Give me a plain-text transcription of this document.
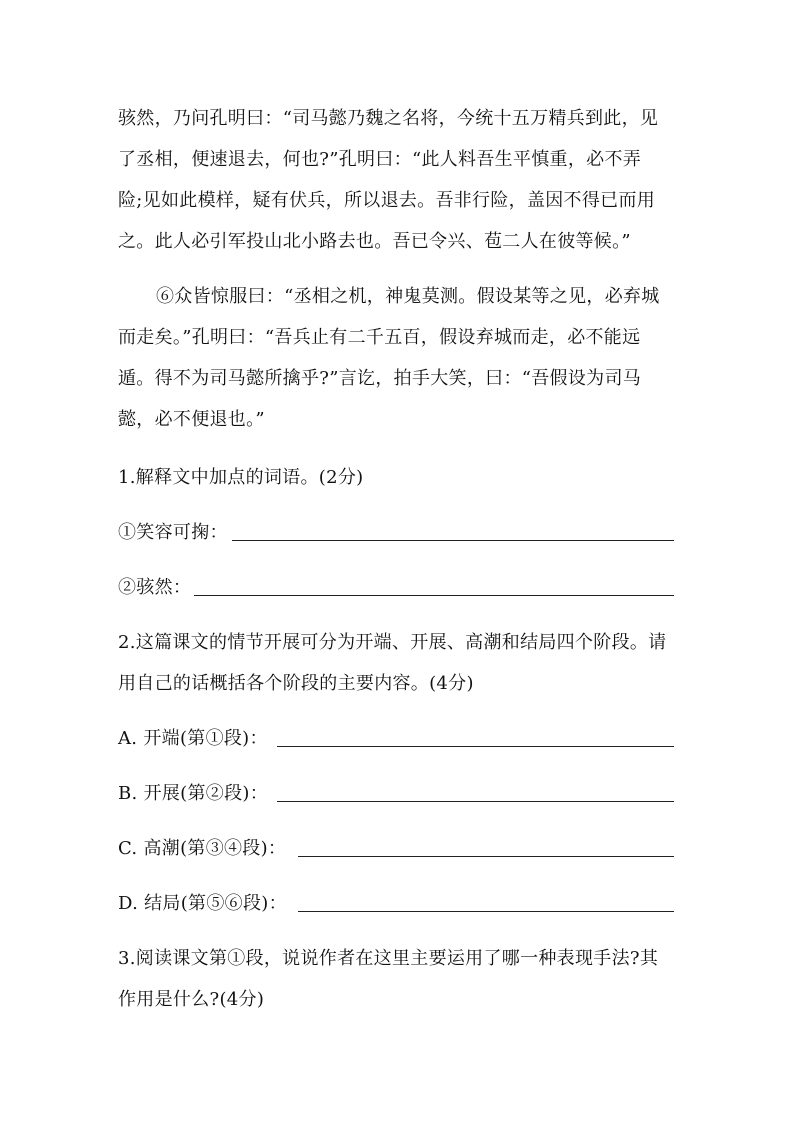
骇然，乃问孔明曰：“司马懿乃魏之名将，今统十五万精兵到此，见
了丞相，便速退去，何也?”孔明曰：“此人料吾生平慎重，必不弄
险;见如此模样，疑有伏兵，所以退去。吾非行险，盖因不得已而用
之。此人必引军投山北小路去也。吾已令兴、苞二人在彼等候。”
⑥众皆惊服曰：“丞相之机，神鬼莫测。假设某等之见，必弃城
而走矣。”孔明曰：“吾兵止有二千五百，假设弃城而走，必不能远
遁。得不为司马懿所擒乎?”言讫，拍手大笑，曰：“吾假设为司马
懿，必不便退也。”
1.解释文中加点的词语。(2分)
①笑容可掬：
②骇然：
2.这篇课文的情节开展可分为开端、开展、高潮和结局四个阶段。请
用自己的话概括各个阶段的主要内容。(4分)
A. 开端(第①段)：
B. 开展(第②段)：
C. 高潮(第③④段)：
D. 结局(第⑤⑥段)：
3.阅读课文第①段，说说作者在这里主要运用了哪一种表现手法?其
作用是什么?(4分)
